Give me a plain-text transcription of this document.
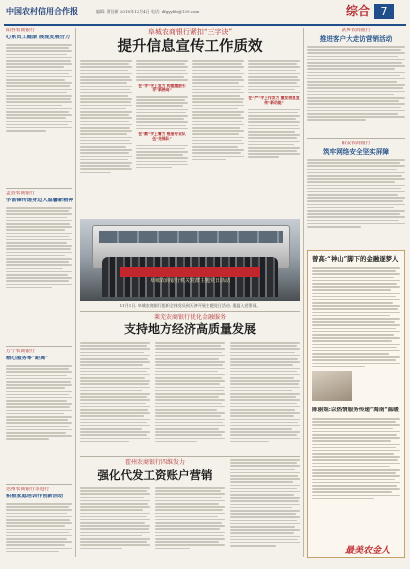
中国农村信用合作报	编辑: 贾佳新 2018年12月4日 电话: dfgyyhb@139.com	综合 7
阳谷农商银行
心系员工健康 展现发展合力
孟县农商银行
学雷锋传递身边人温馨新精神
万宁农商银行
精心服务零“距离”
达州农商银行等进行
积极家庭培训作创新活动
阜城农商银行紧扣“三字诀”
提升信息宣传工作质效
在“学”字上发力 构建激励引导“新格局”
在“勤”字上着力 锻造专业队伍“先锋队”
在“严”字上作发力 激发信息宣传“新动能”
阜城农商银行机关党群主题党日活动
11月1日, 阜城农商银行组织全体党员到天津开展主题党日活动, 重温入党誓词。
莱芜农商银行优化金融服务
支持地方经济高质量发展
霍州农商银行四维发力
强化代发工资账户营销
武乡农商银行
推进客户大走访营销活动
阳安农商银行
筑牢网络安全坚实屏障
曾高:“神山”脚下的金融逐梦人
陈丽姐:以热情服务传递“海南”温暖
最美农金人
